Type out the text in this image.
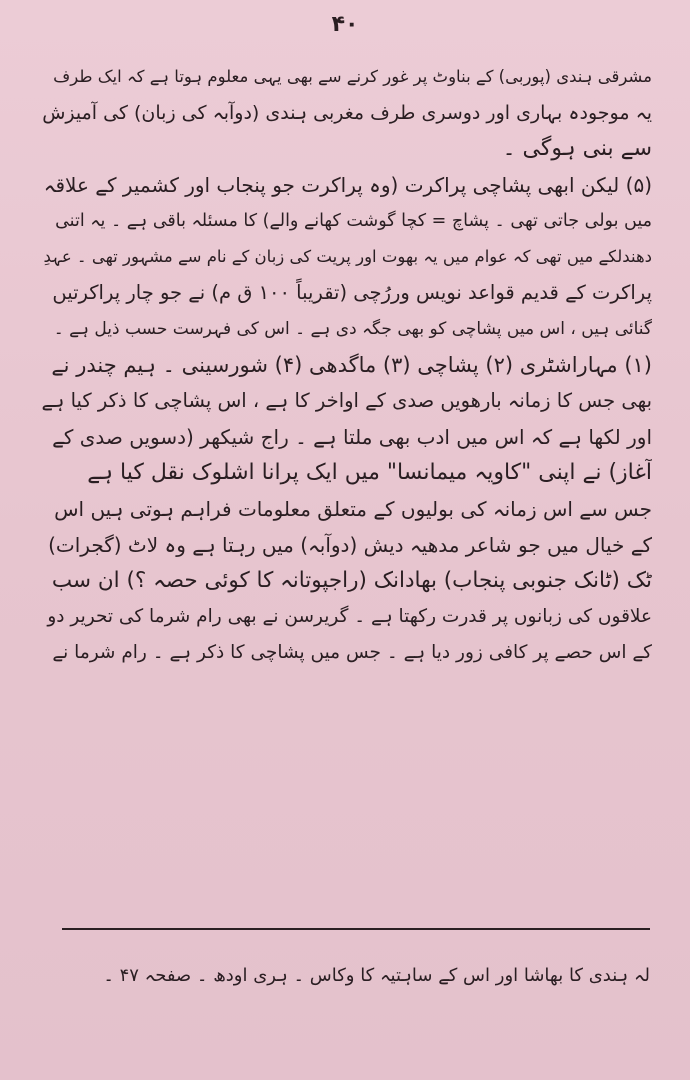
۴۰
مشرقی ہندی (پوربی) کے بناوٹ پر غور کرنے سے بھی یہی معلوم ہوتا ہے کہ ایک طرف
یہ موجودہ بہاری اور دوسری طرف مغربی ہندی (دوآبہ کی زبان) کی آمیزش
سے بنی ہوگی ۔
(۵) لیکن ابھی پشاچی پراکرت (وہ پراکرت جو پنجاب اور کشمیر کے علاقہ
میں بولی جاتی تھی ۔ پشاچ = کچا گوشت کھانے والے) کا مسئلہ باقی ہے ۔ یہ اتنی
دھندلکے میں تھی کہ عوام میں یہ بھوت اور پریت کی زبان کے نام سے مشہور تھی ۔ عہدِ
پراکرت کے قدیم قواعد نویس وررُچی (تقریباً ۱۰۰ ق م) نے جو چار پراکرتیں
گنائی ہیں ، اس میں پشاچی کو بھی جگہ دی ہے ۔ اس کی فہرست حسب ذیل ہے ۔
(۱) مہاراشٹری (۲) پشاچی (۳) ماگدھی (۴) شورسینی ۔ ہیم چندر نے
بھی جس کا زمانہ بارھویں صدی کے اواخر کا ہے ، اس پشاچی کا ذکر کیا ہے
اور لکھا ہے کہ اس میں ادب بھی ملتا ہے ۔ راج شیکھر (دسویں صدی کے
آغاز) نے اپنی "کاویہ میمانسا" میں ایک پرانا اشلوک نقل کیا ہے
جس سے اس زمانہ کی بولیوں کے متعلق معلومات فراہم ہوتی ہیں اس
کے خیال میں جو شاعر مدھیہ دیش (دوآبہ) میں رہتا ہے وہ لاٹ (گجرات)
ٹک (ٹانک جنوبی پنجاب) بھادانک (راجپوتانہ کا کوئی حصہ ؟) ان سب
علاقوں کی زبانوں پر قدرت رکھتا ہے ۔ گریرسن نے بھی رام شرما کی تحریر دو
کے اس حصے پر کافی زور دیا ہے ۔ جس میں پشاچی کا ذکر ہے ۔ رام شرما نے
لہ ہندی کا بھاشا اور اس کے ساہتیہ کا وکاس ۔ ہری اودھ ۔ صفحہ ۴۷ ۔
